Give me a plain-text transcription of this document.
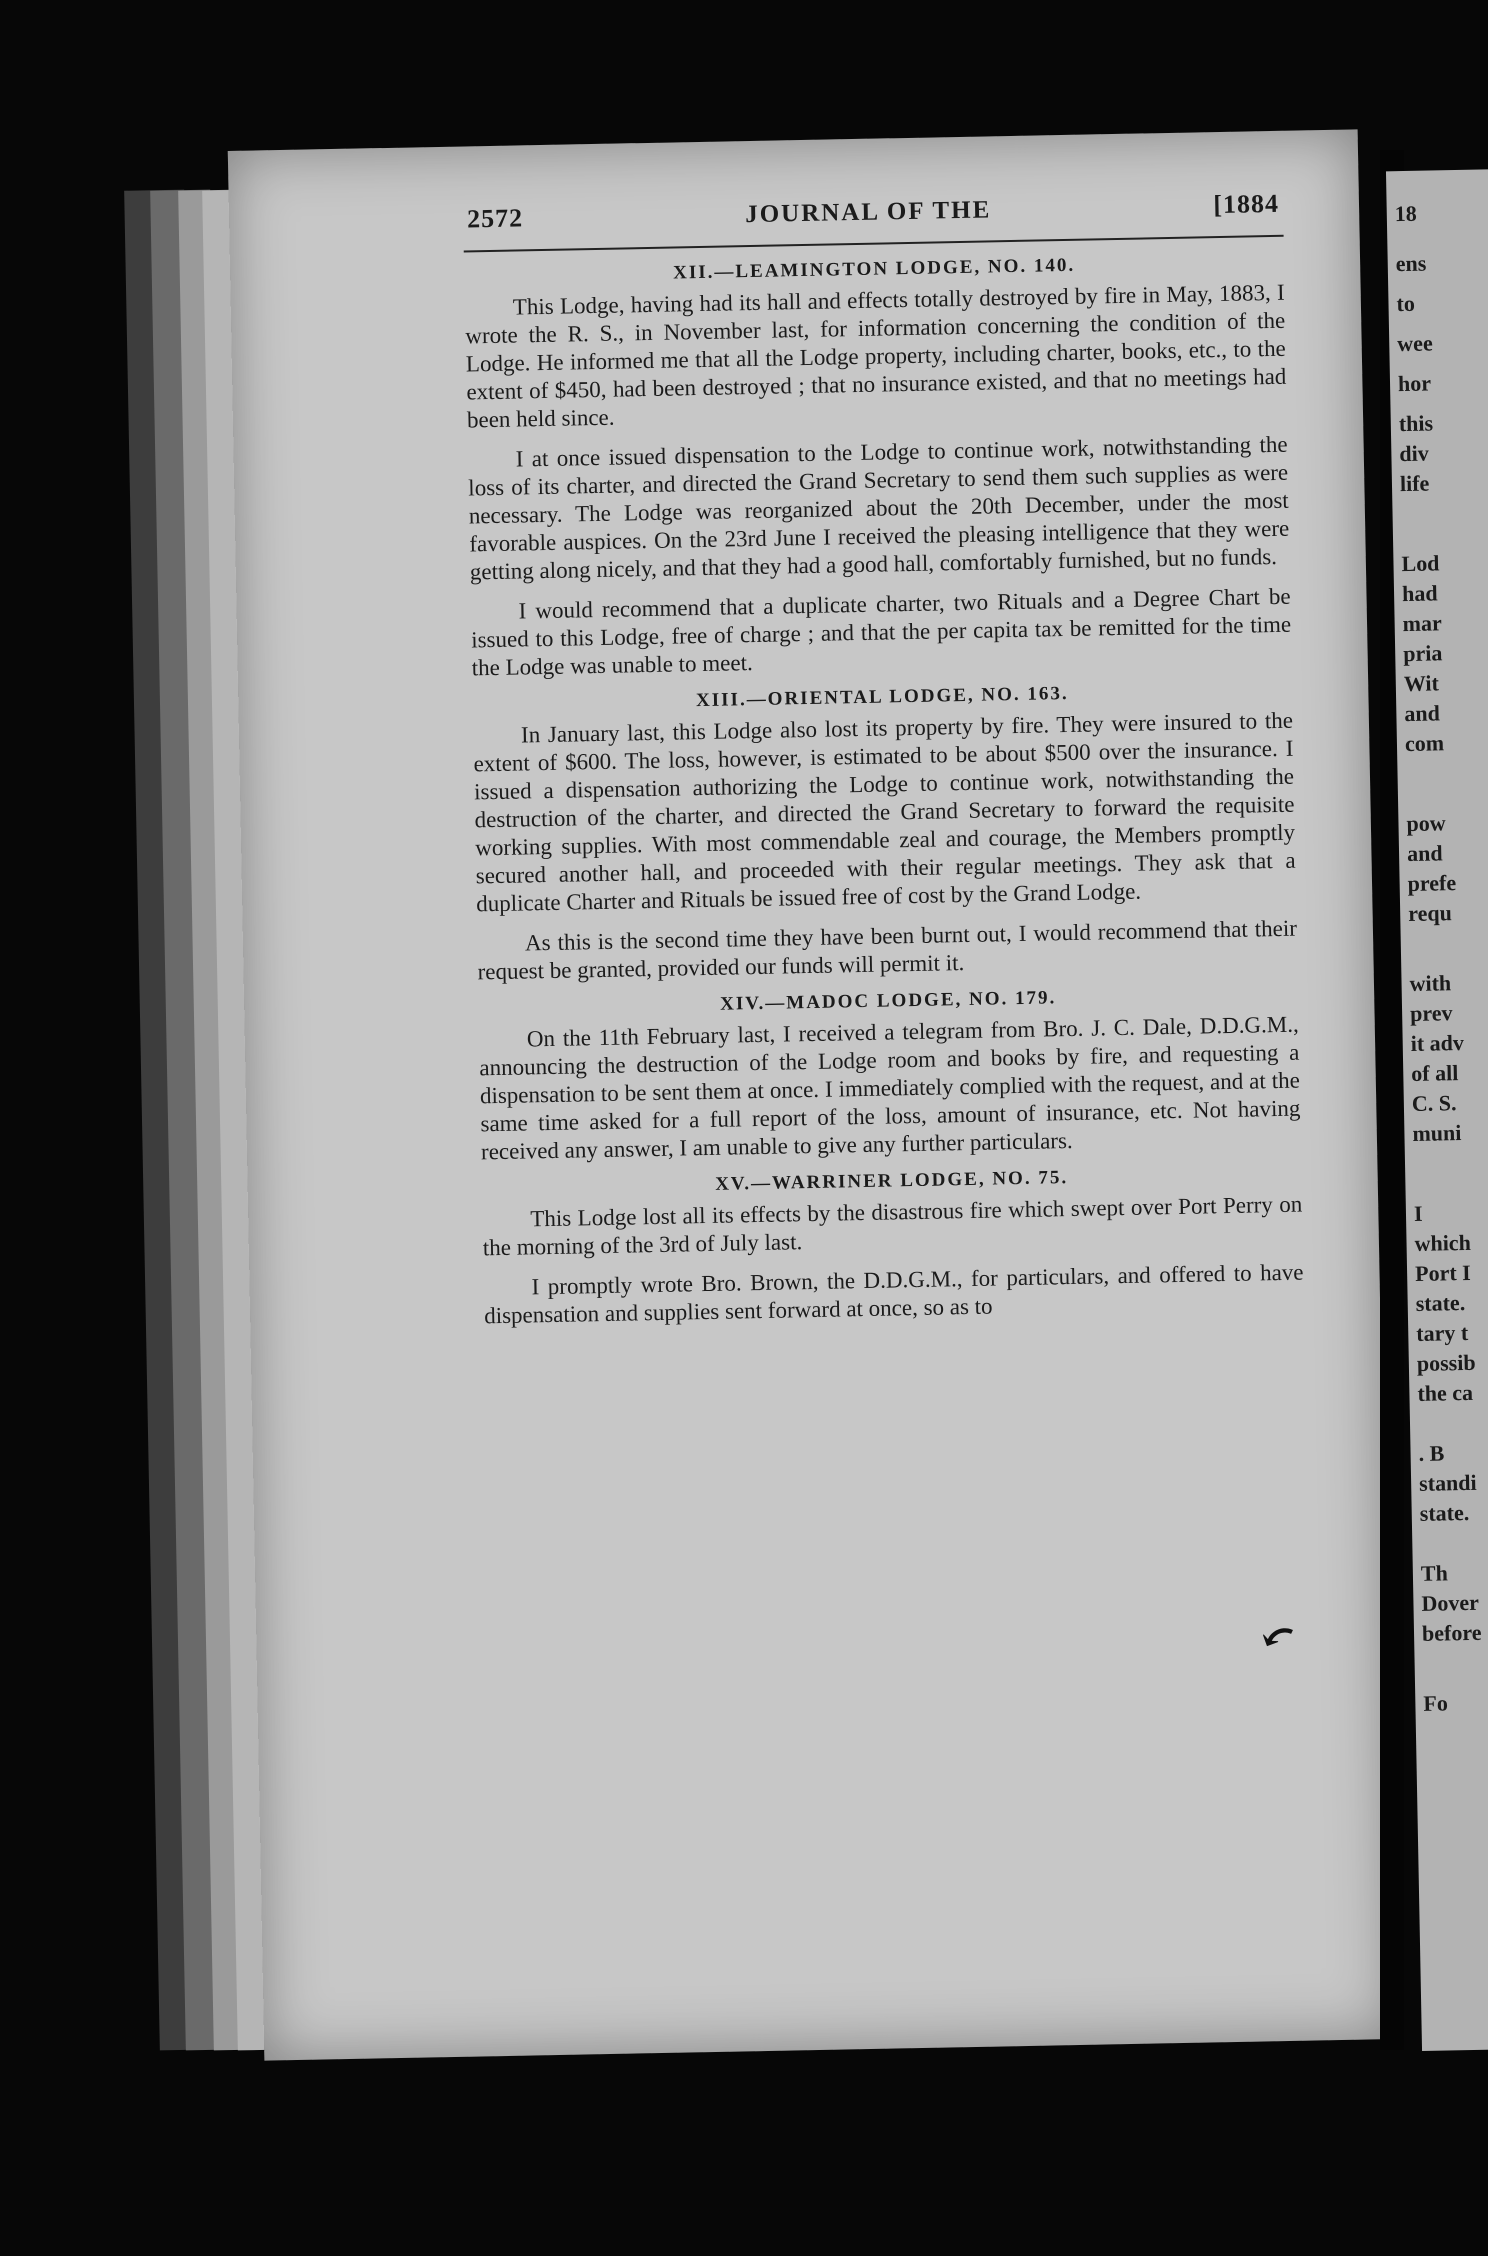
2572	JOURNAL OF THE	[1884
XII.—LEAMINGTON LODGE, NO. 140.

This Lodge, having had its hall and effects totally destroyed by fire in May, 1883, I wrote the R. S., in November last, for information concerning the condition of the Lodge. He informed me that all the Lodge property, including charter, books, etc., to the extent of $450, had been destroyed ; that no insurance existed, and that no meetings had been held since.

I at once issued dispensation to the Lodge to continue work, notwithstanding the loss of its charter, and directed the Grand Secretary to send them such supplies as were necessary. The Lodge was reorganized about the 20th December, under the most favorable auspices. On the 23rd June I received the pleasing intelligence that they were getting along nicely, and that they had a good hall, comfortably furnished, but no funds.

I would recommend that a duplicate charter, two Rituals and a Degree Chart be issued to this Lodge, free of charge ; and that the per capita tax be remitted for the time the Lodge was unable to meet.

XIII.—ORIENTAL LODGE, NO. 163.

In January last, this Lodge also lost its property by fire. They were insured to the extent of $600. The loss, however, is estimated to be about $500 over the insurance. I issued a dispensation authorizing the Lodge to continue work, notwithstanding the destruction of the charter, and directed the Grand Secretary to forward the requisite working supplies. With most commendable zeal and courage, the Members promptly secured another hall, and proceeded with their regular meetings. They ask that a duplicate Charter and Rituals be issued free of cost by the Grand Lodge.

As this is the second time they have been burnt out, I would recommend that their request be granted, provided our funds will permit it.

XIV.—MADOC LODGE, NO. 179.

On the 11th February last, I received a telegram from Bro. J. C. Dale, D.D.G.M., announcing the destruction of the Lodge room and books by fire, and requesting a dispensation to be sent them at once. I immediately complied with the request, and at the same time asked for a full report of the loss, amount of insurance, etc. Not having received any answer, I am unable to give any further particulars.

XV.—WARRINER LODGE, NO. 75.

This Lodge lost all its effects by the disastrous fire which swept over Port Perry on the morning of the 3rd of July last.

I promptly wrote Bro. Brown, the D.D.G.M., for particulars, and offered to have dispensation and supplies sent forward at once, so as to

18
ens
to
wee
hor
this
div
life
Lod
had
mar
pria
Wit
and
com
pow
and
prefe
requ
with
prev
it adv
of all
C. S.
muni
I
which
Port I
state.
tary t
possib
the ca
. B
standi
state.
Th
Dover
before
Fo
⤺
